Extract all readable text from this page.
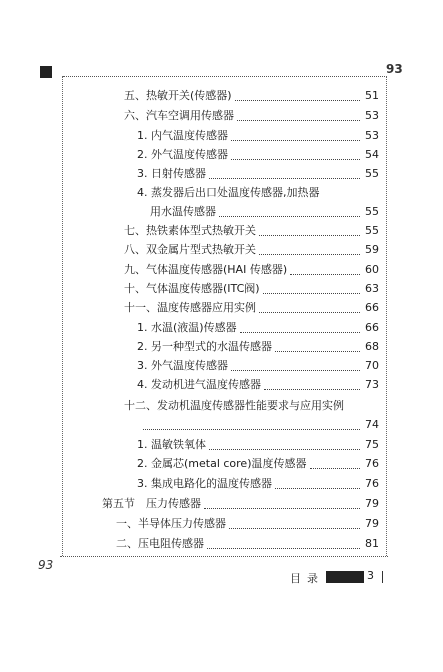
93
93
五、热敏开关(传感器)	51
六、汽车空调用传感器	53
1. 内气温度传感器	53
2. 外气温度传感器	54
3. 日射传感器	55
4. 蒸发器后出口处温度传感器,加热器
用水温传感器	55
七、热铁素体型式热敏开关	55
八、双金属片型式热敏开关	59
九、气体温度传感器(HAI 传感器)	60
十、气体温度传感器(ITC阀)	63
十一、温度传感器应用实例	66
1. 水温(液温)传感器	66
2. 另一种型式的水温传感器	68
3. 外气温度传感器	70
4. 发动机进气温度传感器	73
十二、发动机温度传感器性能要求与应用实例
74
1. 温敏铁氧体	75
2. 金属芯(metal core)温度传感器	76
3. 集成电路化的温度传感器	76
第五节　压力传感器	79
一、半导体压力传感器	79
二、压电阻传感器	81
目录	3
